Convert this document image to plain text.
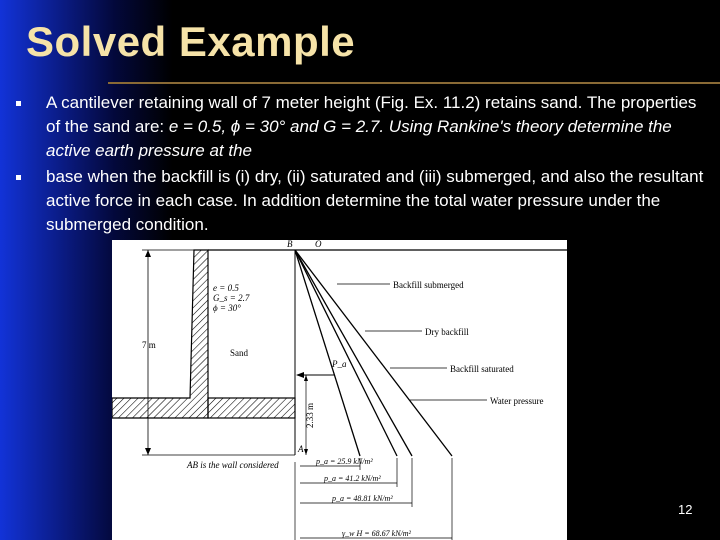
Solved Example
A cantilever retaining wall of 7 meter height (Fig. Ex. 11.2) retains sand. The properties of the sand are: e = 0.5, ϕ = 30° and G = 2.7. Using Rankine's theory determine the active earth pressure at the
base when the backfill is (i) dry, (ii) saturated and (iii) submerged, and also the resultant active force in each case. In addition determine the total water pressure under the submerged condition.
B	O
A
e = 0.5
G_s = 2.7
ϕ = 30°
7 m
Sand
P_a
2.33 m
AB is the wall considered
Backfill submerged
Dry backfill
Backfill saturated
Water pressure
p_a = 25.9 kN/m²
p_a = 41.2 kN/m²
p_a = 48.81 kN/m²
γ_w H = 68.67 kN/m²
12
